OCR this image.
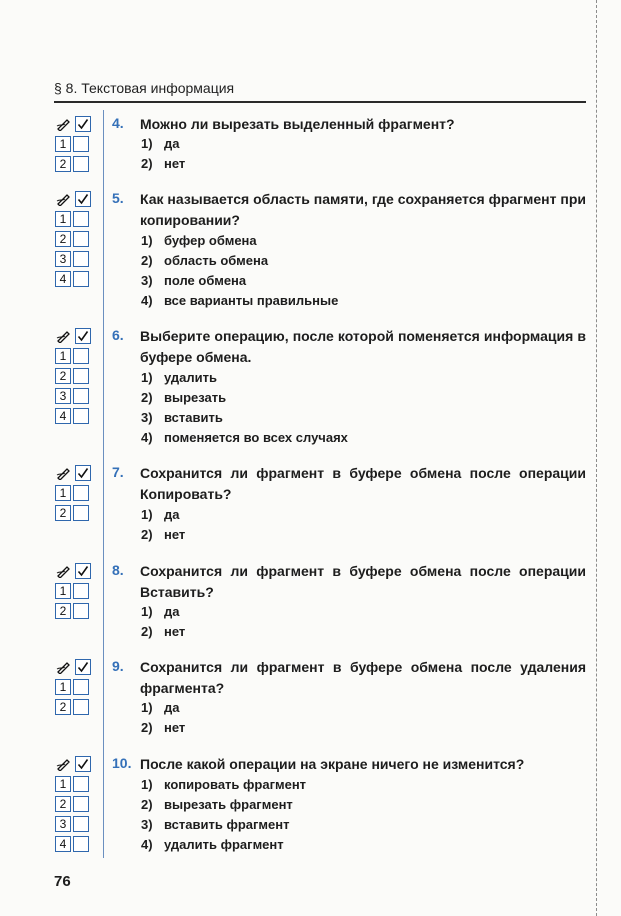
§ 8. Текстовая информация
1
2
4. Можно ли вырезать выделенный фрагмент?
1) да
2) нет
1
2
3
4
5. Как называется область памяти, где сохраняется фрагмент при копировании?
1) буфер обмена
2) область обмена
3) поле обмена
4) все варианты правильные
1
2
3
4
6. Выберите операцию, после которой поменяется информация в буфере обмена.
1) удалить
2) вырезать
3) вставить
4) поменяется во всех случаях
1
2
7. Сохранится ли фрагмент в буфере обмена после операции Копировать?
1) да
2) нет
1
2
8. Сохранится ли фрагмент в буфере обмена после операции Вставить?
1) да
2) нет
1
2
9. Сохранится ли фрагмент в буфере обмена после удаления фрагмента?
1) да
2) нет
1
2
3
4
10. После какой операции на экране ничего не изменится?
1) копировать фрагмент
2) вырезать фрагмент
3) вставить фрагмент
4) удалить фрагмент
76
